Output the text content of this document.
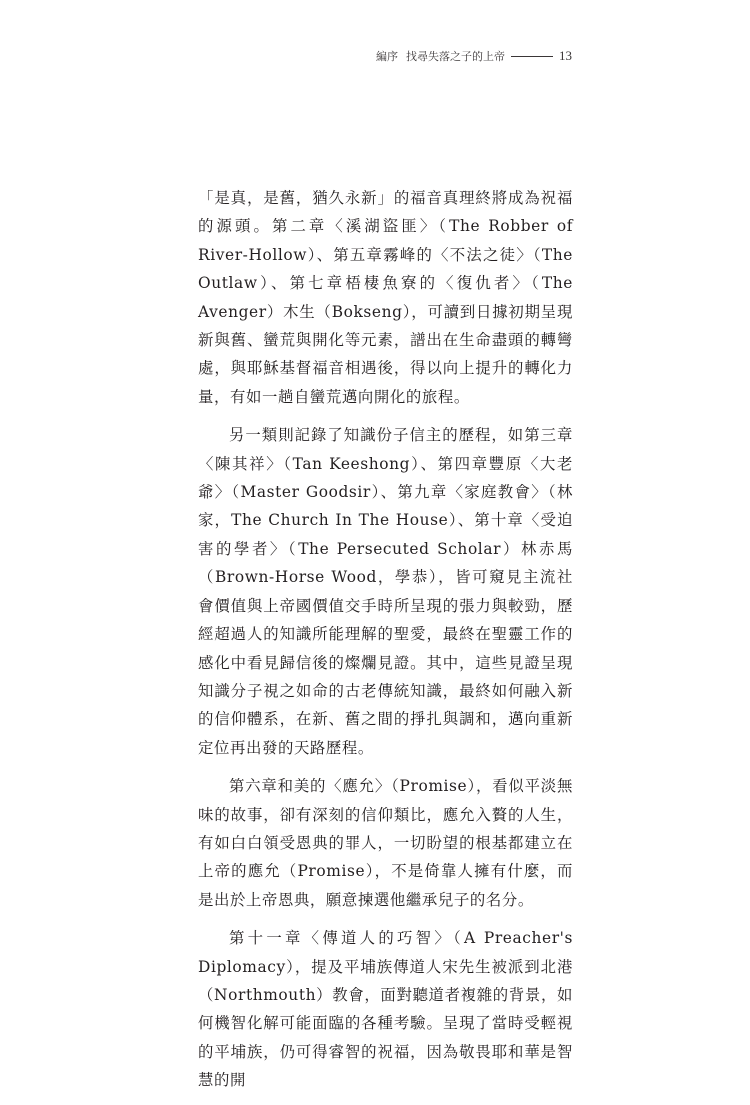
編序 找尋失落之子的上帝	13

「是真，是舊，猶久永新」的福音真理終將成為祝福的源頭。第二章〈溪湖盜匪〉（The Robber of River-Hollow）、第五章霧峰的〈不法之徒〉（The Outlaw）、第七章梧棲魚寮的〈復仇者〉（The Avenger）木生（Bokseng），可讀到日據初期呈現新與舊、蠻荒與開化等元素，譜出在生命盡頭的轉彎處，與耶穌基督福音相遇後，得以向上提升的轉化力量，有如一趟自蠻荒邁向開化的旅程。

另一類則記錄了知識份子信主的歷程，如第三章〈陳其祥〉（Tan Keeshong）、第四章豐原〈大老爺〉（Master Goodsir）、第九章〈家庭教會〉（林家，The Church In The House）、第十章〈受迫害的學者〉（The Persecuted Scholar）林赤馬（Brown-Horse Wood，學恭），皆可窺見主流社會價值與上帝國價值交手時所呈現的張力與較勁，歷經超過人的知識所能理解的聖愛，最終在聖靈工作的感化中看見歸信後的燦爛見證。其中，這些見證呈現知識分子視之如命的古老傳統知識，最終如何融入新的信仰體系，在新、舊之間的掙扎與調和，邁向重新定位再出發的天路歷程。

第六章和美的〈應允〉（Promise），看似平淡無味的故事，卻有深刻的信仰類比，應允入贅的人生，有如白白領受恩典的罪人，一切盼望的根基都建立在上帝的應允（Promise），不是倚靠人擁有什麼，而是出於上帝恩典，願意揀選他繼承兒子的名分。

第十一章〈傳道人的巧智〉（A Preacher's Diplomacy），提及平埔族傳道人宋先生被派到北港（Northmouth）教會，面對聽道者複雜的背景，如何機智化解可能面臨的各種考驗。呈現了當時受輕視的平埔族，仍可得睿智的祝福，因為敬畏耶和華是智慧的開
